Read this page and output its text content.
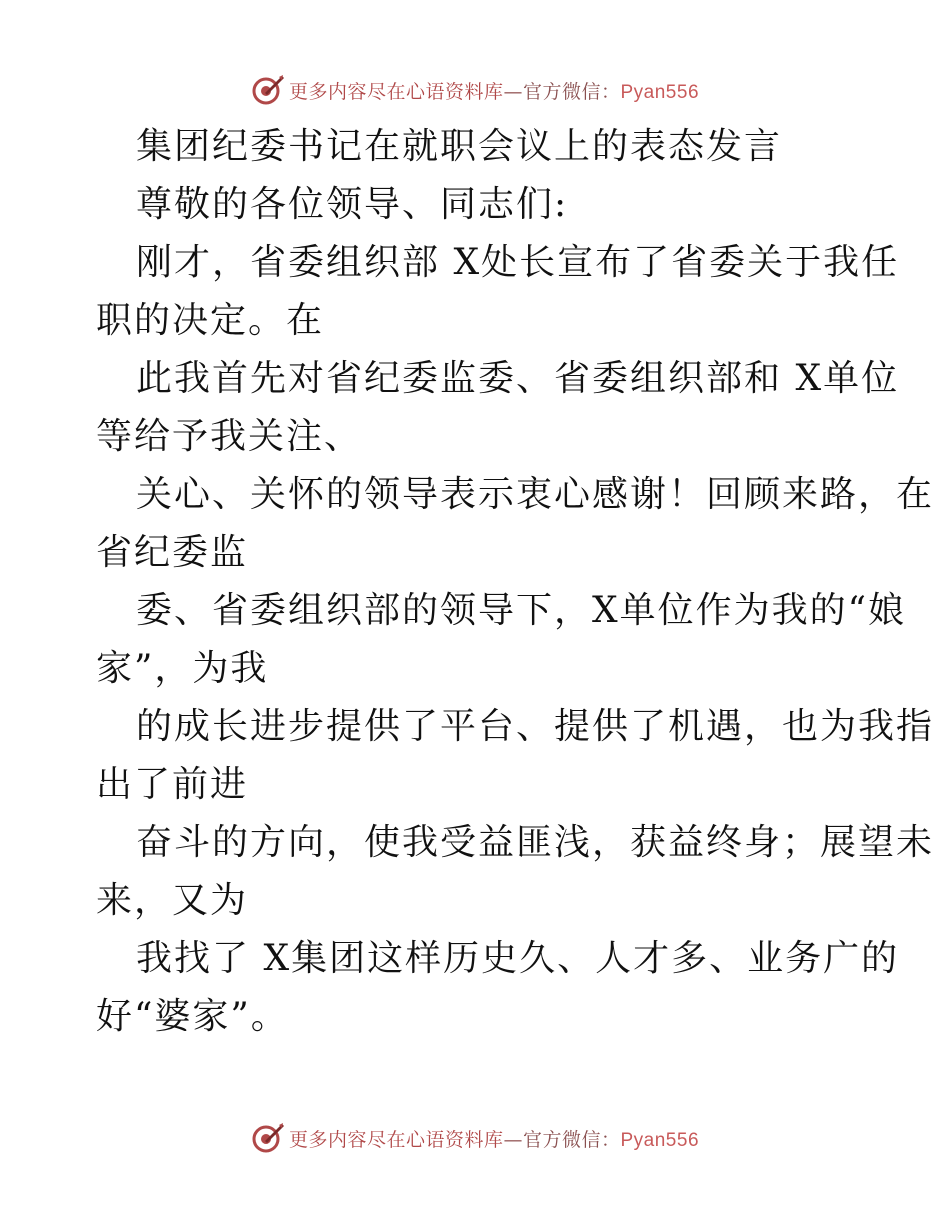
更多内容尽在心语资料库—官方微信：Pyan556
集团纪委书记在就职会议上的表态发言
尊敬的各位领导、同志们:
刚才，省委组织部 X处长宣布了省委关于我任
职的决定。在
此我首先对省纪委监委、省委组织部和 X单位
等给予我关注、
关心、关怀的领导表示衷心感谢！回顾来路，在
省纪委监
委、省委组织部的领导下，X单位作为我的“娘
家”，为我
的成长进步提供了平台、提供了机遇，也为我指
出了前进
奋斗的方向，使我受益匪浅，获益终身；展望未
来，又为
我找了 X集团这样历史久、人才多、业务广的
好“婆家”。
更多内容尽在心语资料库—官方微信：Pyan556
